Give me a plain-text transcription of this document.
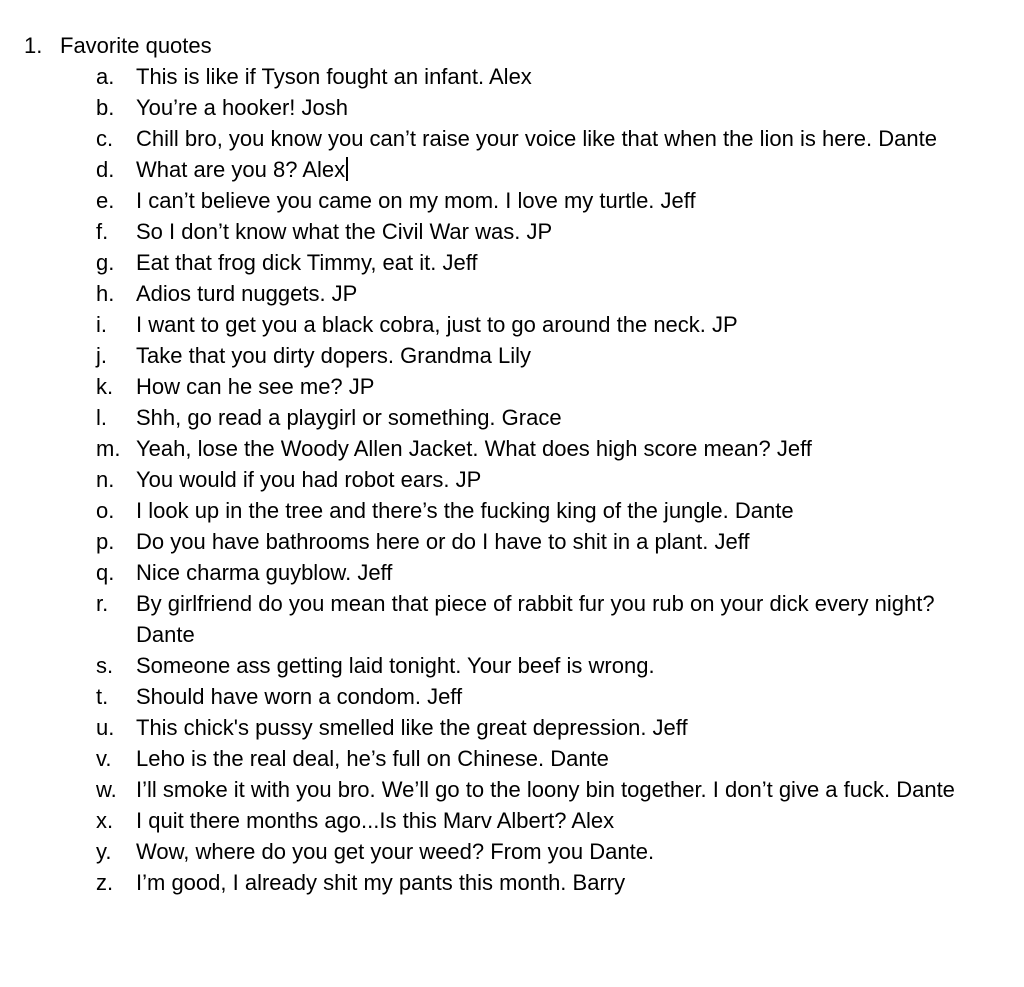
1. Favorite quotes
a. This is like if Tyson fought an infant. Alex
b. You’re a hooker! Josh
c.	Chill bro, you know you can’t raise your voice like that when the lion is here. Dante
d. What are you 8? Alex
e. I can’t believe you came on my mom. I love my turtle. Jeff
f.	So I don’t know what the Civil War was. JP
g. Eat that frog dick Timmy, eat it. Jeff
h. Adios turd nuggets. JP
i.	I want to get you a black cobra, just to go around the neck. JP
j.	Take that you dirty dopers. Grandma Lily
k.	How can he see me? JP
l.	Shh, go read a playgirl or something. Grace
m. Yeah, lose the Woody Allen Jacket. What does high score mean? Jeff
n. You would if you had robot ears. JP
o. I look up in the tree and there’s the fucking king of the jungle. Dante
p. Do you have bathrooms here or do I have to shit in a plant. Jeff
q. Nice charma guyblow. Jeff
r.	By girlfriend do you mean that piece of rabbit fur you rub on your dick every night? Dante
s.	Someone ass getting laid tonight. Your beef is wrong.
t.	Should have worn a condom. Jeff
u. This chick's pussy smelled like the great depression. Jeff
v.	Leho is the real deal, he’s full on Chinese. Dante
w. I’ll smoke it with you bro. We’ll go to the loony bin together. I don’t give a fuck. Dante
x.	I quit there months ago...Is this Marv Albert? Alex
y.	Wow, where do you get your weed? From you Dante.
z.	I’m good, I already shit my pants this month. Barry
